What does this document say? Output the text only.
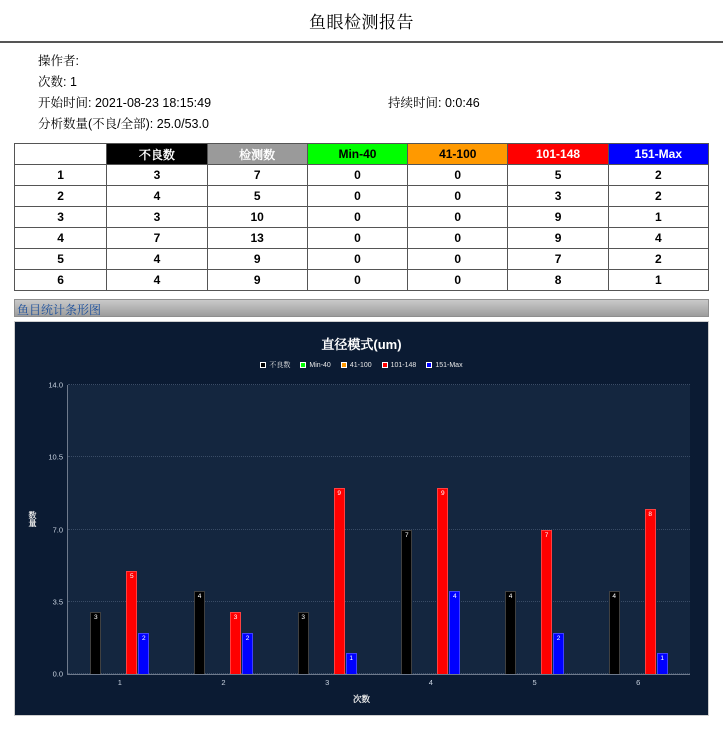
鱼眼检测报告
操作者:
次数: 1
开始时间: 2021-08-23 18:15:49	持续时间: 0:0:46
分析数量(不良/全部): 25.0/53.0
	不良数	检测数	Min-40	41-100	101-148	151-Max
1	3	7	0	0	5	2
2	4	5	0	0	3	2
3	3	10	0	0	9	1
4	7	13	0	0	9	4
5	4	9	0	0	7	2
6	4	9	0	0	8	1
鱼目统计条形图
直径模式(um)
不良数	Min-40	41-100	101-148	151-Max
数量
0.0
3.5
7.0
10.5
14.0
3
5
2
1
4
3
2
2
3
9
1
3
7
9
4
4
4
7
2
5
4
8
1
6
次数
